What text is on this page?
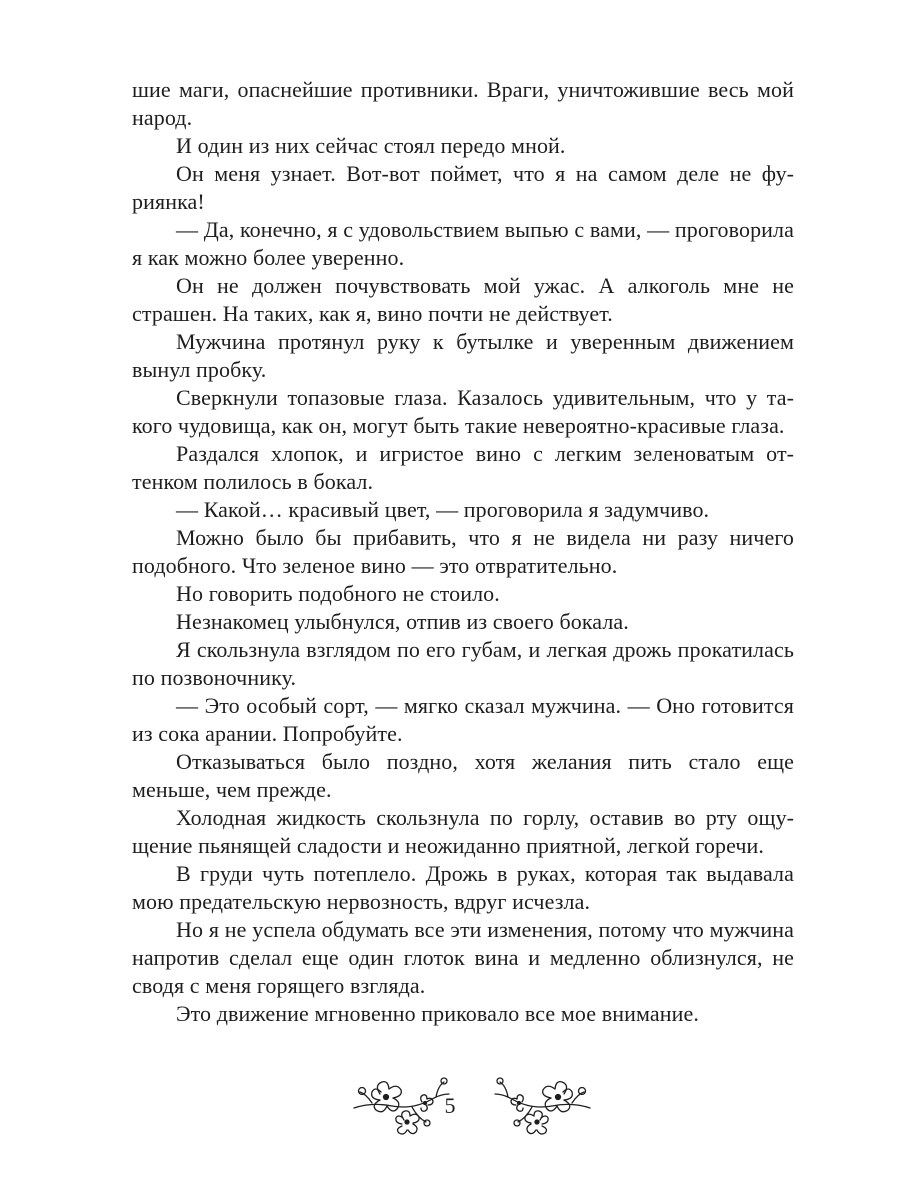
шие маги, опаснейшие противники. Враги, уничтожившие весь мой народ.

И один из них сейчас стоял передо мной.

Он меня узнает. Вот-вот поймет, что я на самом деле не фуриянка!

— Да, конечно, я с удовольствием выпью с вами, — проговорила я как можно более уверенно.

Он не должен почувствовать мой ужас. А алкоголь мне не страшен. На таких, как я, вино почти не действует.

Мужчина протянул руку к бутылке и уверенным движением вынул пробку.

Сверкнули топазовые глаза. Казалось удивительным, что у такого чудовища, как он, могут быть такие невероятно-красивые глаза.

Раздался хлопок, и игристое вино с легким зеленоватым оттенком полилось в бокал.

— Какой… красивый цвет, — проговорила я задумчиво.

Можно было бы прибавить, что я не видела ни разу ничего подобного. Что зеленое вино — это отвратительно.

Но говорить подобного не стоило.

Незнакомец улыбнулся, отпив из своего бокала.

Я скользнула взглядом по его губам, и легкая дрожь прокатилась по позвоночнику.

— Это особый сорт, — мягко сказал мужчина. — Оно готовится из сока арании. Попробуйте.

Отказываться было поздно, хотя желания пить стало еще меньше, чем прежде.

Холодная жидкость скользнула по горлу, оставив во рту ощущение пьянящей сладости и неожиданно приятной, легкой горечи.

В груди чуть потеплело. Дрожь в руках, которая так выдавала мою предательскую нервозность, вдруг исчезла.

Но я не успела обдумать все эти изменения, потому что мужчина напротив сделал еще один глоток вина и медленно облизнулся, не сводя с меня горящего взгляда.

Это движение мгновенно приковало все мое внимание.

5
